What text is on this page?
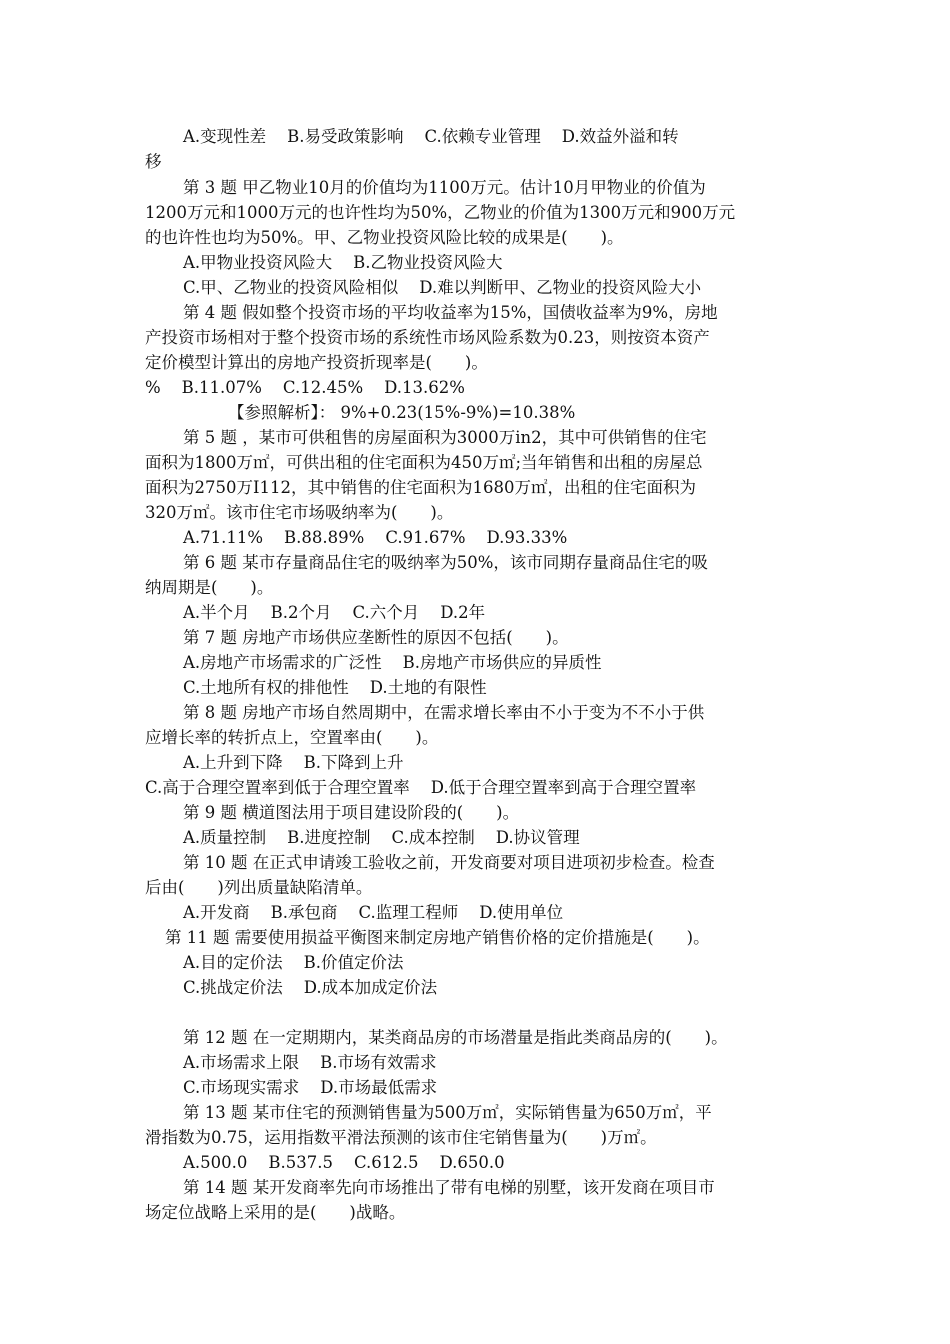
A.变现性差    B.易受政策影响    C.依赖专业管理    D.效益外溢和转
移
第 3 题 甲乙物业10月的价值均为1100万元。估计10月甲物业的价值为
1200万元和1000万元的也许性均为50%，乙物业的价值为1300万元和900万元
的也许性也均为50%。甲、乙物业投资风险比较的成果是(　　)。
A.甲物业投资风险大    B.乙物业投资风险大
C.甲、乙物业的投资风险相似    D.难以判断甲、乙物业的投资风险大小
第 4 题 假如整个投资市场的平均收益率为15%，国债收益率为9%，房地
产投资市场相对于整个投资市场的系统性市场风险系数为0.23，则按资本资产
定价模型计算出的房地产投资折现率是(　　)。
%    B.11.07%    C.12.45%    D.13.62%
【参照解析】： 9%+0.23(15%-9%)=10.38%
第 5 题 ，某市可供租售的房屋面积为3000万in2，其中可供销售的住宅
面积为1800万㎡，可供出租的住宅面积为450万㎡;当年销售和出租的房屋总
面积为2750万I112，其中销售的住宅面积为1680万㎡，出租的住宅面积为
320万㎡。该市住宅市场吸纳率为(　　)。
A.71.11%    B.88.89%    C.91.67%    D.93.33%
第 6 题 某市存量商品住宅的吸纳率为50%，该市同期存量商品住宅的吸
纳周期是(　　)。
A.半个月    B.2个月    C.六个月    D.2年
第 7 题 房地产市场供应垄断性的原因不包括(　　)。
A.房地产市场需求的广泛性    B.房地产市场供应的异质性
C.土地所有权的排他性    D.土地的有限性
第 8 题 房地产市场自然周期中，在需求增长率由不小于变为不不小于供
应增长率的转折点上，空置率由(　　)。
A.上升到下降    B.下降到上升
C.高于合理空置率到低于合理空置率    D.低于合理空置率到高于合理空置率
第 9 题 横道图法用于项目建设阶段的(　　)。
A.质量控制    B.进度控制    C.成本控制    D.协议管理
第 10 题 在正式申请竣工验收之前，开发商要对项目进项初步检查。检查
后由(　　)列出质量缺陷清单。
A.开发商    B.承包商    C.监理工程师    D.使用单位
第 11 题 需要使用损益平衡图来制定房地产销售价格的定价措施是(　　)。
A.目的定价法    B.价值定价法
C.挑战定价法    D.成本加成定价法
第 12 题 在一定期期内，某类商品房的市场潜量是指此类商品房的(　　)。
A.市场需求上限    B.市场有效需求
C.市场现实需求    D.市场最低需求
第 13 题 某市住宅的预测销售量为500万㎡，实际销售量为650万㎡，平
滑指数为0.75，运用指数平滑法预测的该市住宅销售量为(　　)万㎡。
A.500.0    B.537.5    C.612.5    D.650.0
第 14 题 某开发商率先向市场推出了带有电梯的别墅，该开发商在项目市
场定位战略上采用的是(　　)战略。
